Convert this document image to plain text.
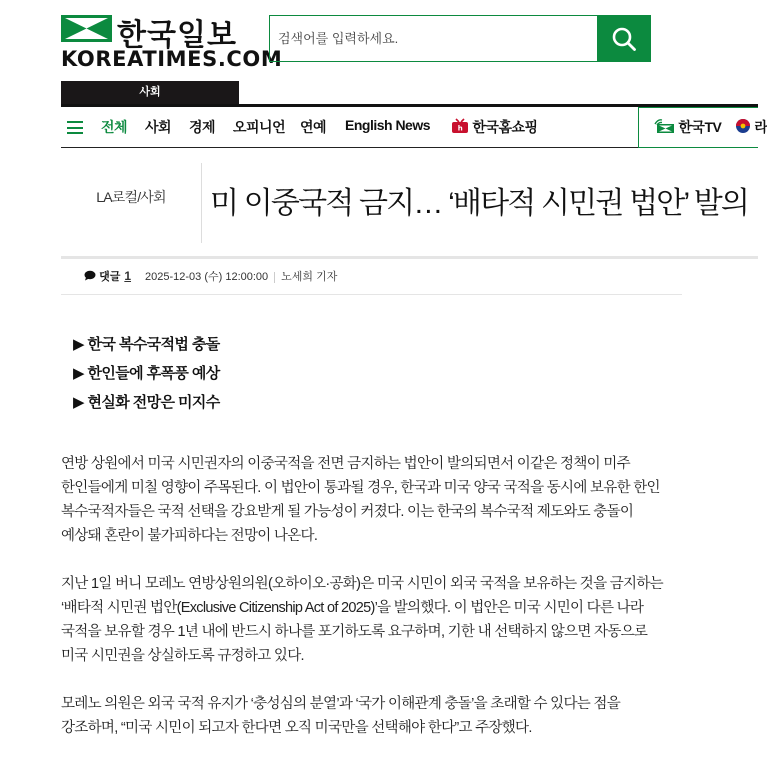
한국일보
KOREATIMES.COM
검색어를 입력하세요.
사회
전체 사회 경제 오피니언 연예 English News	h 한국홈쇼핑	한국TV	라
LA로컬/사회	미 이중국적 금지… ‘배타적 시민권 법안’ 발의
댓글 1 2025-12-03 (수) 12:00:00 노세희 기자
▶ 한국 복수국적법 충돌
▶ 한인들에 후폭풍 예상
▶ 현실화 전망은 미지수

연방 상원에서 미국 시민권자의 이중국적을 전면 금지하는 법안이 발의되면서 이같은 정책이 미주 한인들에게 미칠 영향이 주목된다. 이 법안이 통과될 경우, 한국과 미국 양국 국적을 동시에 보유한 한인 복수국적자들은 국적 선택을 강요받게 될 가능성이 커졌다. 이는 한국의 복수국적 제도와도 충돌이 예상돼 혼란이 불가피하다는 전망이 나온다.

지난 1일 버니 모레노 연방상원의원(오하이오·공화)은 미국 시민이 외국 국적을 보유하는 것을 금지하는 ‘배타적 시민권 법안(Exclusive Citizenship Act of 2025)’을 발의했다. 이 법안은 미국 시민이 다른 나라 국적을 보유할 경우 1년 내에 반드시 하나를 포기하도록 요구하며, 기한 내 선택하지 않으면 자동으로 미국 시민권을 상실하도록 규정하고 있다.

모레노 의원은 외국 국적 유지가 ‘충성심의 분열’과 ‘국가 이해관계 충돌’을 초래할 수 있다는 점을 강조하며, “미국 시민이 되고자 한다면 오직 미국만을 선택해야 한다”고 주장했다.
